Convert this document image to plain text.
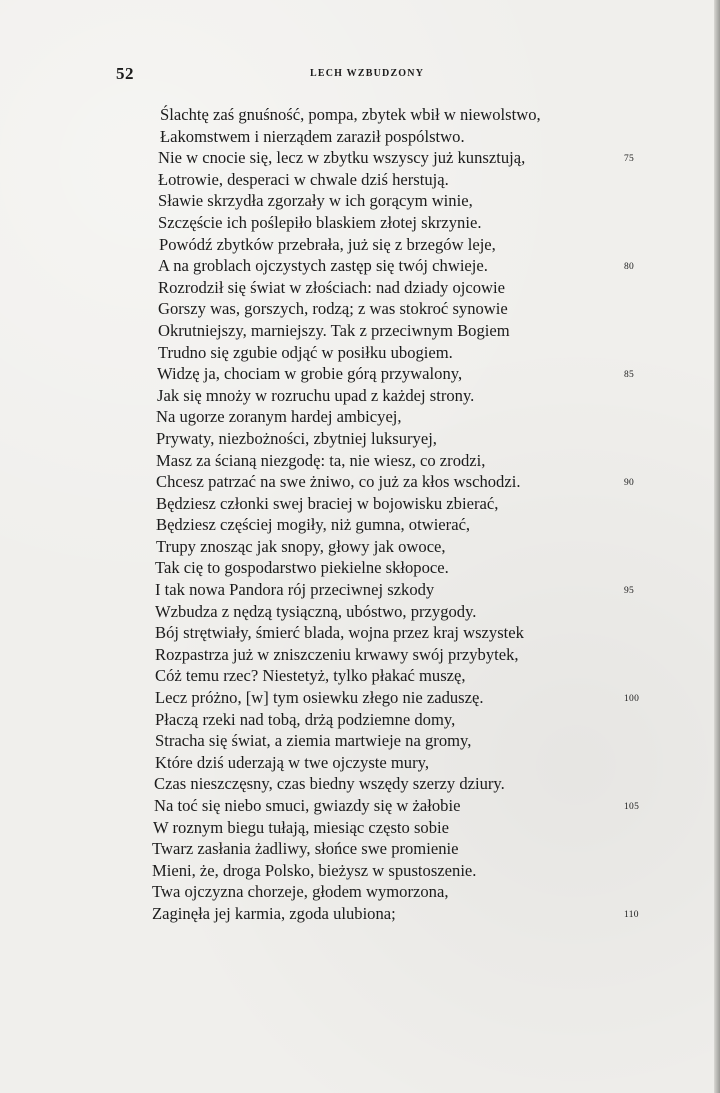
52	LECH WZBUDZONY
Ślachtę zaś gnuśność, pompa, zbytek wbił w niewolstwo,
Łakomstwem i nierządem zaraził pospólstwo.
Nie w cnocie się, lecz w zbytku wszyscy już kunsztują,	75
Łotrowie, desperaci w chwale dziś herstują.
Sławie skrzydła zgorzały w ich gorącym winie,
Szczęście ich poślepiło blaskiem złotej skrzynie.
Powódź zbytków przebrała, już się z brzegów leje,
A na groblach ojczystych zastęp się twój chwieje.	80
Rozrodził się świat w złościach: nad dziady ojcowie
Gorszy was, gorszych, rodzą; z was stokroć synowie
Okrutniejszy, marniejszy. Tak z przeciwnym Bogiem
Trudno się zgubie odjąć w posiłku ubogiem.
Widzę ja, chociam w grobie górą przywalony,	85
Jak się mnoży w rozruchu upad z każdej strony.
Na ugorze zoranym hardej ambicyej,
Prywaty, niezbożności, zbytniej luksuryej,
Masz za ścianą niezgodę: ta, nie wiesz, co zrodzi,
Chcesz patrzać na swe żniwo, co już za kłos wschodzi.	90
Będziesz członki swej braciej w bojowisku zbierać,
Będziesz częściej mogiły, niż gumna, otwierać,
Trupy znosząc jak snopy, głowy jak owoce,
Tak cię to gospodarstwo piekielne skłopoce.
I tak nowa Pandora rój przeciwnej szkody	95
Wzbudza z nędzą tysiączną, ubóstwo, przygody.
Bój strętwiały, śmierć blada, wojna przez kraj wszystek
Rozpastrza już w zniszczeniu krwawy swój przybytek,
Cóż temu rzec? Niestetyż, tylko płakać muszę,
Lecz próżno, [w] tym osiewku złego nie zaduszę.	100
Płaczą rzeki nad tobą, drżą podziemne domy,
Stracha się świat, a ziemia martwieje na gromy,
Które dziś uderzają w twe ojczyste mury,
Czas nieszczęsny, czas biedny wszędy szerzy dziury.
Na toć się niebo smuci, gwiazdy się w żałobie	105
W roznym biegu tułają, miesiąc często sobie
Twarz zasłania żadliwy, słońce swe promienie
Mieni, że, droga Polsko, bieżysz w spustoszenie.
Twa ojczyzna chorzeje, głodem wymorzona,
Zaginęła jej karmia, zgoda ulubiona;	110
